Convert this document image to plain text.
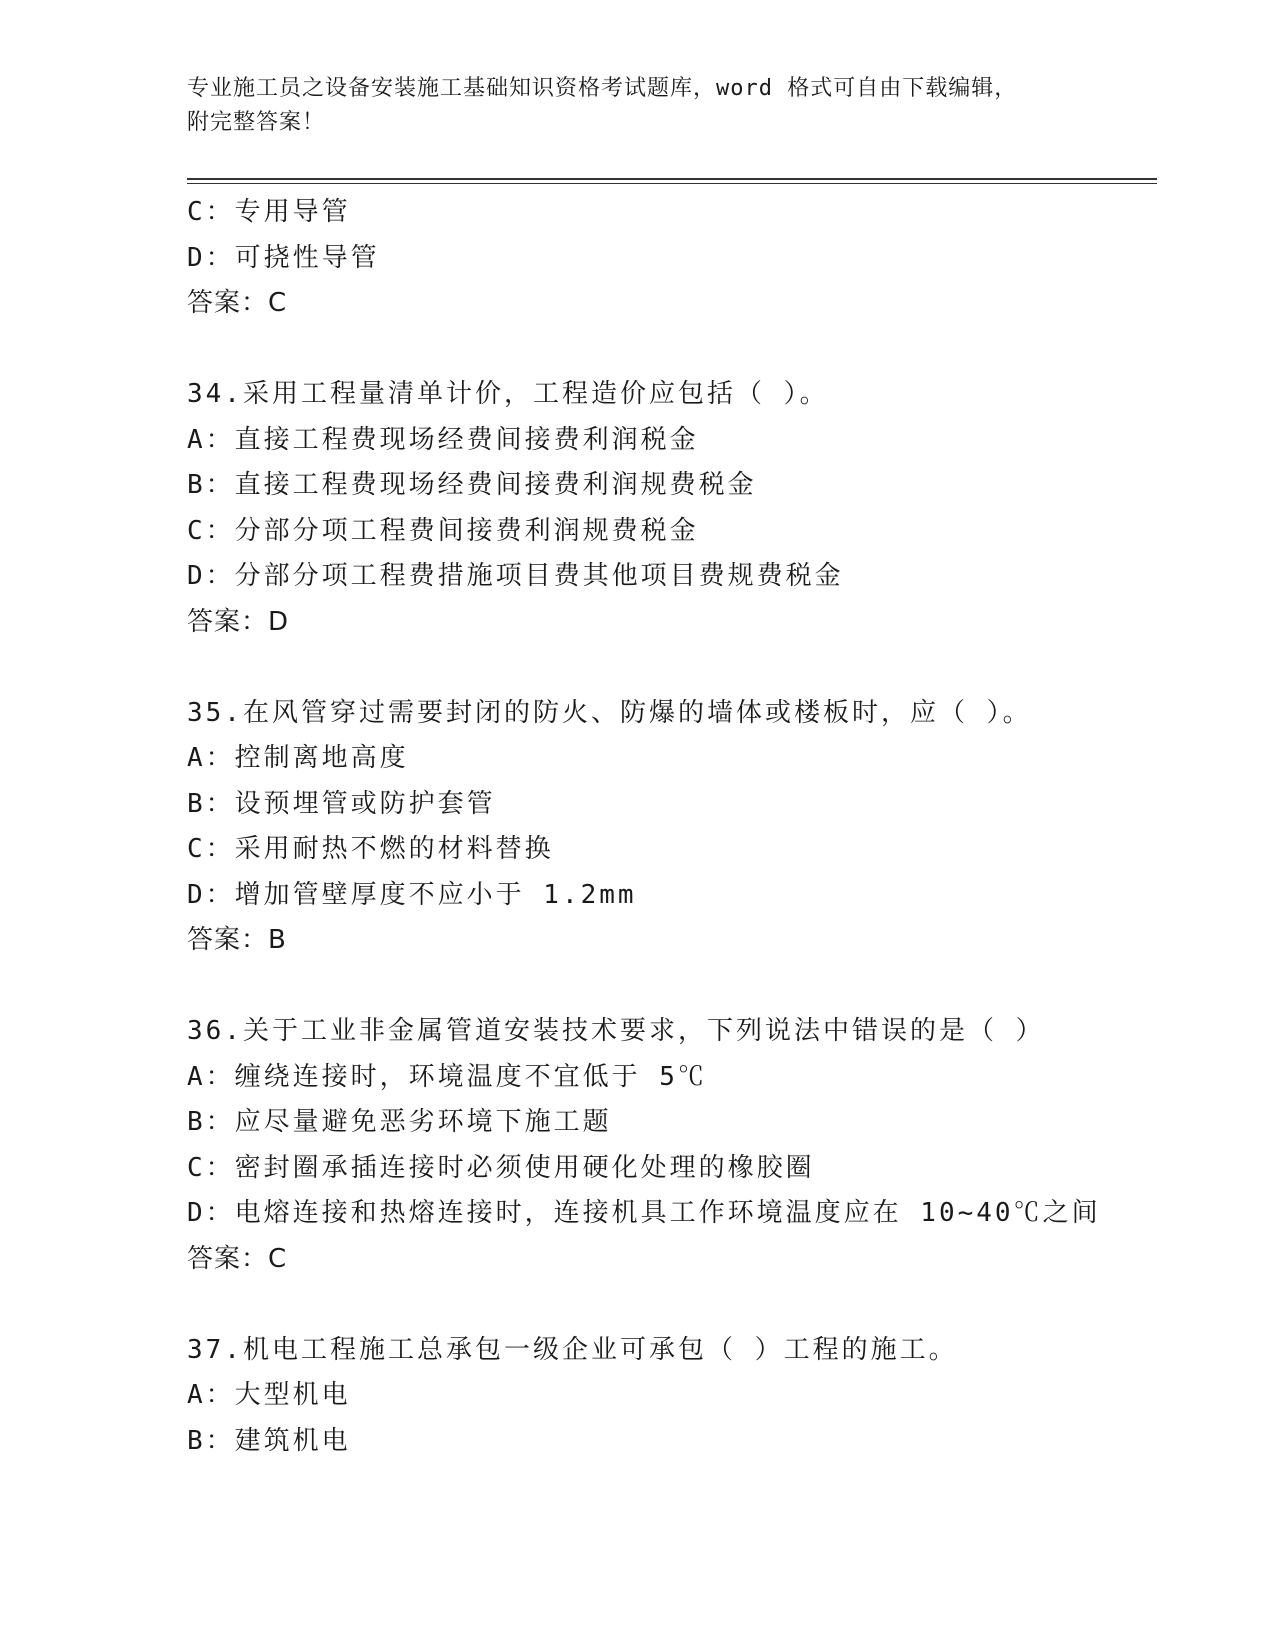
专业施工员之设备安装施工基础知识资格考试题库，word 格式可自由下载编辑，
附完整答案！
C：专用导管
D：可挠性导管
答案：C
34.采用工程量清单计价，工程造价应包括（ ）。
A：直接工程费现场经费间接费利润税金
B：直接工程费现场经费间接费利润规费税金
C：分部分项工程费间接费利润规费税金
D：分部分项工程费措施项目费其他项目费规费税金
答案：D
35.在风管穿过需要封闭的防火、防爆的墙体或楼板时，应（ ）。
A：控制离地高度
B：设预埋管或防护套管
C：采用耐热不燃的材料替换
D：增加管壁厚度不应小于 1.2mm
答案：B
36.关于工业非金属管道安装技术要求，下列说法中错误的是（ ）
A：缠绕连接时，环境温度不宜低于 5℃
B：应尽量避免恶劣环境下施工题
C：密封圈承插连接时必须使用硬化处理的橡胶圈
D：电熔连接和热熔连接时，连接机具工作环境温度应在 10~40℃之间
答案：C
37.机电工程施工总承包一级企业可承包（ ）工程的施工。
A：大型机电
B：建筑机电
